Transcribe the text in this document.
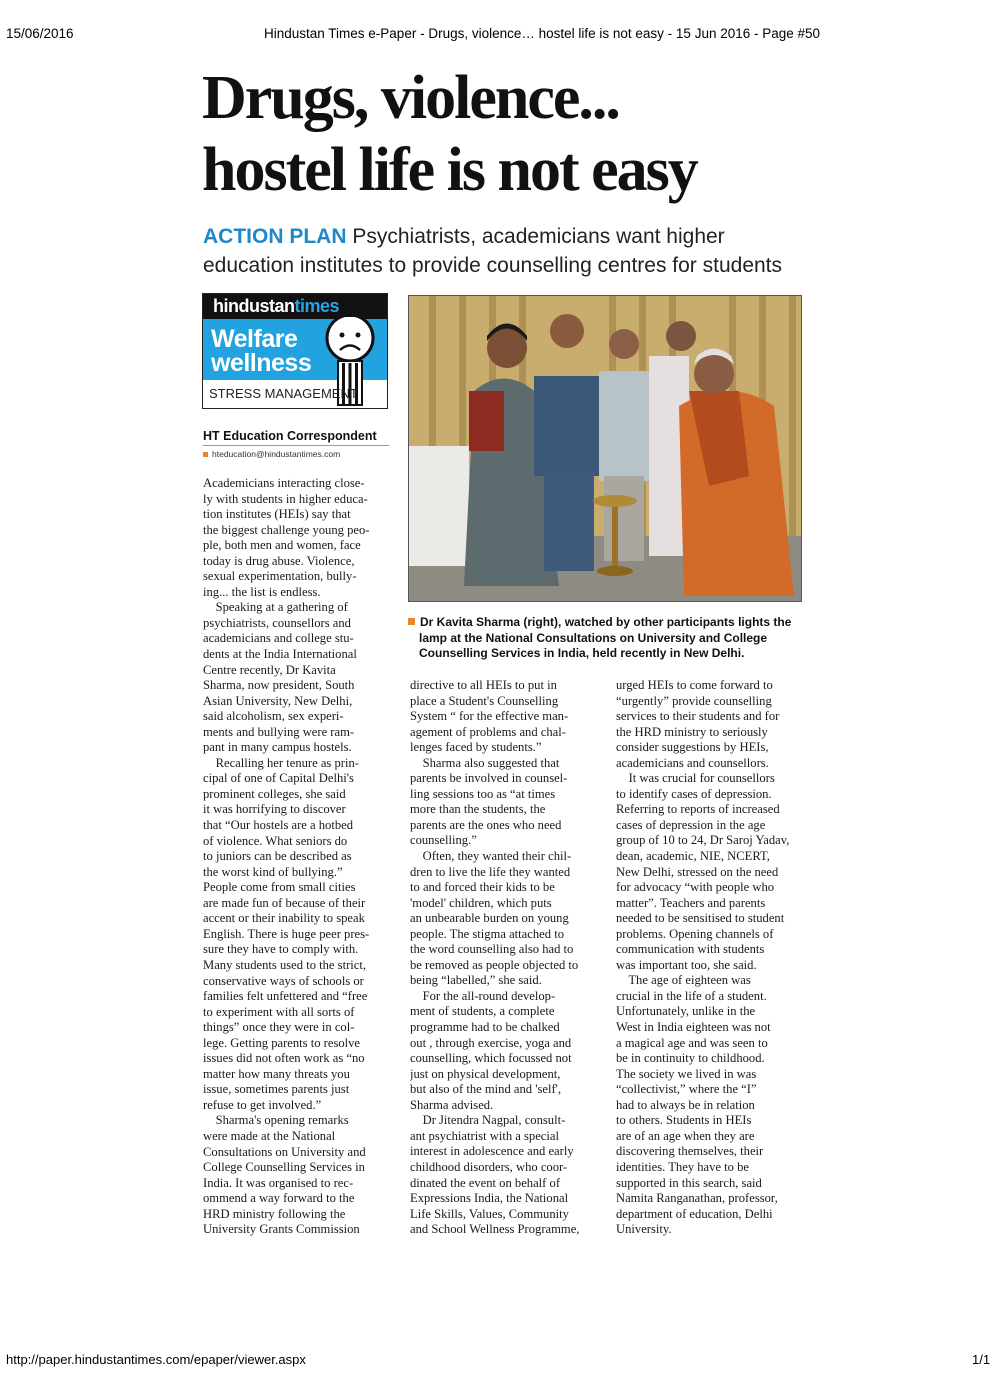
15/06/2016	Hindustan Times e-Paper - Drugs, violence… hostel life is not easy - 15 Jun 2016 - Page #50
Drugs, violence...
hostel life is not easy
ACTION PLAN Psychiatrists, academicians want higher
education institutes to provide counselling centres for students
hindustantimes
Welfare
wellness
STRESS MANAGEMENT
HT Education Correspondent
hteducation@hindustantimes.com
Dr Kavita Sharma (right), watched by other participants lights the
lamp at the National Consultations on University and College
Counselling Services in India, held recently in New Delhi.
Academicians interacting close-
ly with students in higher educa-
tion institutes (HEIs) say that
the biggest challenge young peo-
ple, both men and women, face
today is drug abuse. Violence,
sexual experimentation, bully-
ing... the list is endless.
Speaking at a gathering of
psychiatrists, counsellors and
academicians and college stu-
dents at the India International
Centre recently, Dr Kavita
Sharma, now president, South
Asian University, New Delhi,
said alcoholism, sex experi-
ments and bullying were ram-
pant in many campus hostels.
Recalling her tenure as prin-
cipal of one of Capital Delhi's
prominent colleges, she said
it was horrifying to discover
that “Our hostels are a hotbed
of violence. What seniors do
to juniors can be described as
the worst kind of bullying.”
People come from small cities
are made fun of because of their
accent or their inability to speak
English. There is huge peer pres-
sure they have to comply with.
Many students used to the strict,
conservative ways of schools or
families felt unfettered and “free
to experiment with all sorts of
things” once they were in col-
lege. Getting parents to resolve
issues did not often work as “no
matter how many threats you
issue, sometimes parents just
refuse to get involved.”
Sharma's opening remarks
were made at the National
Consultations on University and
College Counselling Services in
India. It was organised to rec-
ommend a way forward to the
HRD ministry following the
University Grants Commission
directive to all HEIs to put in
place a Student's Counselling
System “ for the effective man-
agement of problems and chal-
lenges faced by students.”
Sharma also suggested that
parents be involved in counsel-
ling sessions too as “at times
more than the students, the
parents are the ones who need
counselling.”
Often, they wanted their chil-
dren to live the life they wanted
to and forced their kids to be
'model' children, which puts
an unbearable burden on young
people. The stigma attached to
the word counselling also had to
be removed as people objected to
being “labelled,” she said.
For the all-round develop-
ment of students, a complete
programme had to be chalked
out , through exercise, yoga and
counselling, which focussed not
just on physical development,
but also of the mind and 'self',
Sharma advised.
Dr Jitendra Nagpal, consult-
ant psychiatrist with a special
interest in adolescence and early
childhood disorders, who coor-
dinated the event on behalf of
Expressions India, the National
Life Skills, Values, Community
and School Wellness Programme,
urged HEIs to come forward to
“urgently” provide counselling
services to their students and for
the HRD ministry to seriously
consider suggestions by HEIs,
academicians and counsellors.
It was crucial for counsellors
to identify cases of depression.
Referring to reports of increased
cases of depression in the age
group of 10 to 24, Dr Saroj Yadav,
dean, academic, NIE, NCERT,
New Delhi, stressed on the need
for advocacy “with people who
matter”. Teachers and parents
needed to be sensitised to student
problems. Opening channels of
communication with students
was important too, she said.
The age of eighteen was
crucial in the life of a student.
Unfortunately, unlike in the
West in India eighteen was not
a magical age and was seen to
be in continuity to childhood.
The society we lived in was
“collectivist,” where the “I”
had to always be in relation
to others. Students in HEIs
are of an age when they are
discovering themselves, their
identities. They have to be
supported in this search, said
Namita Ranganathan, professor,
department of education, Delhi
University.
http://paper.hindustantimes.com/epaper/viewer.aspx	1/1
